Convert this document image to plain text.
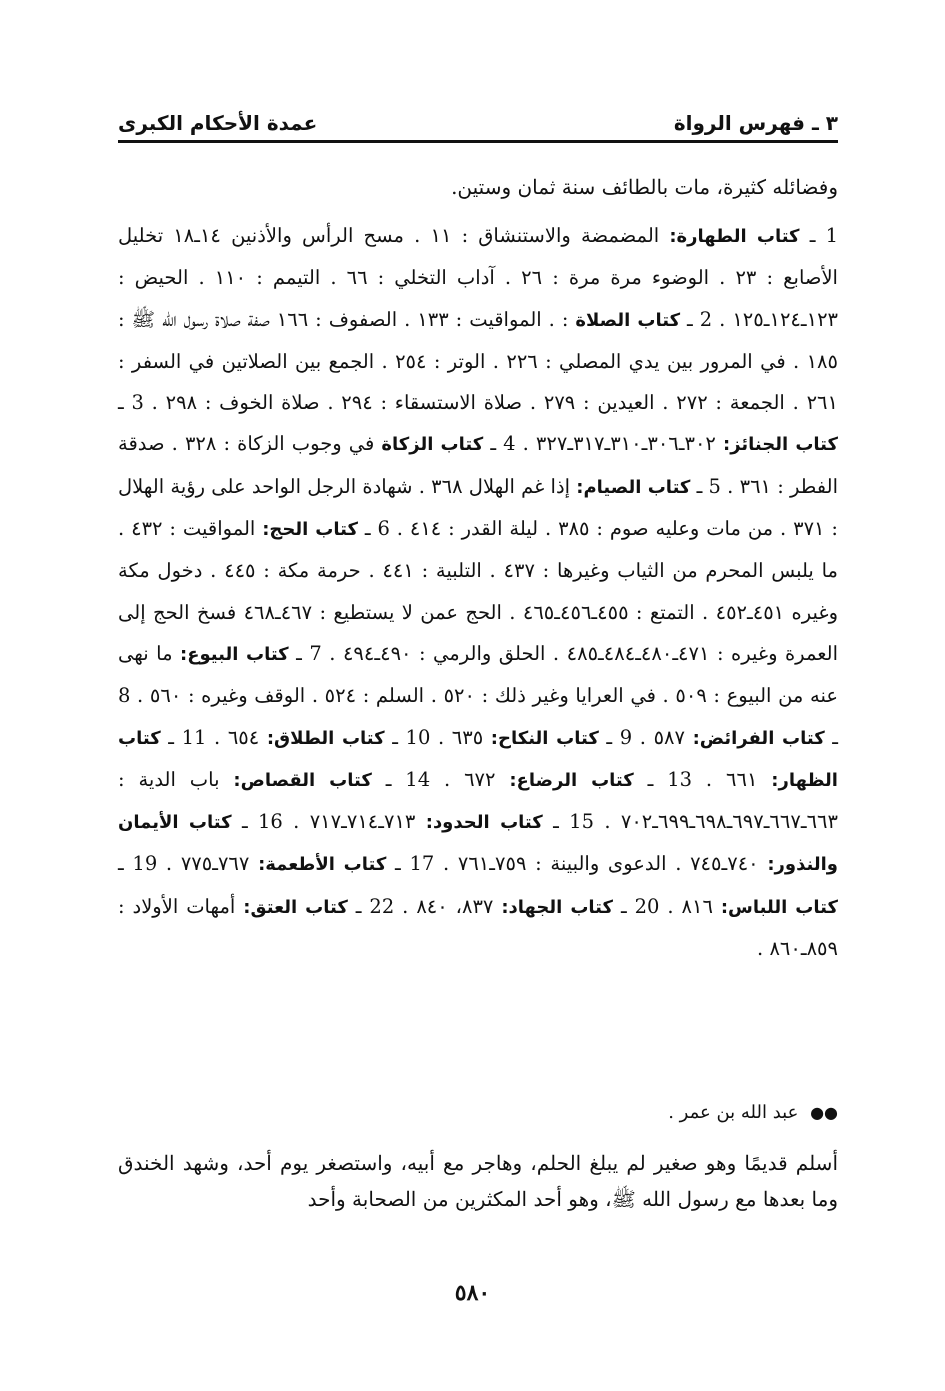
٣ ـ فهرس الرواة
عمدة الأحكام الكبرى

وفضائله كثيرة، مات بالطائف سنة ثمان وستين.

1 ـ كتاب الطهارة: المضمضة والاستنشاق : ١١ . مسح الرأس والأذنين ١٤ـ١٨ تخليل الأصابع : ٢٣ . الوضوء مرة مرة : ٢٦ . آداب التخلي : ٦٦ . التيمم : ١١٠ . الحيض : ١٢٣ـ١٢٤ـ١٢٥ . 2 ـ كتاب الصلاة : . المواقيت : ١٣٣ . الصفوف : ١٦٦ صفة صلاة رسول الله ﷺ : ١٨٥ . في المرور بين يدي المصلي : ٢٢٦ . الوتر : ٢٥٤ . الجمع بين الصلاتين في السفر : ٢٦١ . الجمعة : ٢٧٢ . العيدين : ٢٧٩ . صلاة الاستسقاء : ٢٩٤ . صلاة الخوف : ٢٩٨ . 3 ـ كتاب الجنائز: ٣٠٢ـ٣٠٦ـ٣١٠ـ٣١٧ـ٣٢٧ . 4 ـ كتاب الزكاة في وجوب الزكاة : ٣٢٨ . صدقة الفطر : ٣٦١ . 5 ـ كتاب الصيام: إذا غم الهلال ٣٦٨ . شهادة الرجل الواحد على رؤية الهلال : ٣٧١ . من مات وعليه صوم : ٣٨٥ . ليلة القدر : ٤١٤ . 6 ـ كتاب الحج: المواقيت : ٤٣٢ . ما يلبس المحرم من الثياب وغيرها : ٤٣٧ . التلبية : ٤٤١ . حرمة مكة : ٤٤٥ . دخول مكة وغيره ٤٥١ـ٤٥٢ . التمتع : ٤٥٥ـ٤٥٦ـ٤٦٥ . الحج عمن لا يستطيع : ٤٦٧ـ٤٦٨ فسخ الحج إلى العمرة وغيره : ٤٧١ـ٤٨٠ـ٤٨٤ـ٤٨٥ . الحلق والرمي : ٤٩٠ـ٤٩٤ . 7 ـ كتاب البيوع: ما نهى عنه من البيوع : ٥٠٩ . في العرايا وغير ذلك : ٥٢٠ . السلم : ٥٢٤ . الوقف وغيره : ٥٦٠ . 8 ـ كتاب الفرائض: ٥٨٧ . 9 ـ كتاب النكاح: ٦٣٥ . 10 ـ كتاب الطلاق: ٦٥٤ . 11 ـ كتاب الظهار: ٦٦١ . 13 ـ كتاب الرضاع: ٦٧٢ . 14 ـ كتاب القصاص: باب الدية : ٦٦٣ـ٦٦٧ـ٦٩٧ـ٦٩٨ـ٦٩٩ـ٧٠٢ . 15 ـ كتاب الحدود: ٧١٣ـ٧١٤ـ٧١٧ . 16 ـ كتاب الأيمان والنذور: ٧٤٠ـ٧٤٥ . الدعوى والبينة : ٧٥٩ـ٧٦١ . 17 ـ كتاب الأطعمة: ٧٦٧ـ٧٧٥ . 19 ـ كتاب اللباس: ٨١٦ . 20 ـ كتاب الجهاد: ٨٣٧، ٨٤٠ . 22 ـ كتاب العتق: أمهات الأولاد : ٨٥٩ـ٨٦٠ .

●● عبد الله بن عمر .

أسلم قديمًا وهو صغير لم يبلغ الحلم، وهاجر مع أبيه، واستصغر يوم أحد، وشهد الخندق وما بعدها مع رسول الله ﷺ، وهو أحد المكثرين من الصحابة وأحد

٥٨٠
